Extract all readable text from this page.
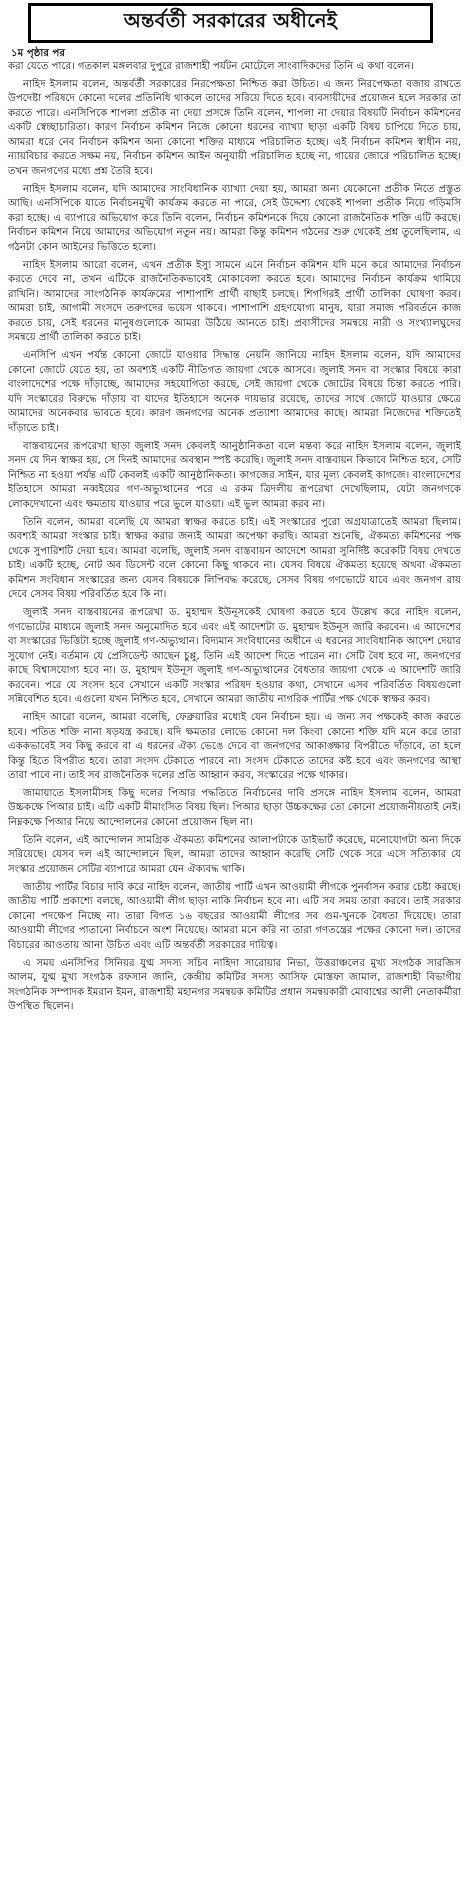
অন্তর্বর্তী সরকারের অধীনেই
১ম পৃষ্ঠার পর

করা যেতে পারে। গতকাল মঙ্গলবার দুপুরে রাজশাহী পর্যটন মোটেলে সাংবাদিকদের তিনি এ কথা বলেন।

নাহিদ ইসলাম বলেন, অন্তর্বর্তী সরকারের নিরপেক্ষতা নিশ্চিত করা উচিত। এ জন্য নিরপেক্ষতা বজায় রাখতে উপদেষ্টা পরিষদে কোনো দলের প্রতিনিধি থাকলে তাদের সরিয়ে দিতে হবে। ব্যবসায়ীদের প্রয়োজন হলে সরকার তা করতে পারে। এনসিপিকে শাপলা প্রতীক না দেয়া প্রসঙ্গে তিনি বলেন, শাপলা না দেয়ার বিষয়টি নির্বাচন কমিশনের একটি স্বেচ্ছাচারিতা। কারণ নির্বাচন কমিশন নিজে কোনো ধরনের ব্যাখ্যা ছাড়া একটি বিষয় চাপিয়ে দিতে চায়, আমরা ধরে নেব নির্বাচন কমিশন অন্য কোনো শক্তির মাধ্যমে পরিচালিত হচ্ছে। এই নির্বাচন কমিশন স্বাধীন নয়, ন্যায়বিচার করতে সক্ষম নয়, নির্বাচন কমিশন আইন অনুযায়ী পরিচালিত হচ্ছে না, গায়ের জোরে পরিচালিত হচ্ছে। তখন জনগণের মধ্যে প্রশ্ন তৈরি হবে।

নাহিদ ইসলাম বলেন, যদি আমাদের সাংবিধানিক ব্যাখ্যা দেয়া হয়, আমরা অন্য যেকোনো প্রতীক নিতে প্রস্তুত আছি। এনসিপিকে যাতে নির্বাচনমুখী কার্যক্রম করতে না পারে, সেই উদ্দেশ্য থেকেই শাপলা প্রতীক নিয়ে গড়িমসি করা হচ্ছে। এ ব্যাপারে অভিযোগ করে তিনি বলেন, নির্বাচন কমিশনকে দিয়ে কোনো রাজনৈতিক শক্তি এটি করছে। নির্বাচন কমিশন নিয়ে আমাদের অভিযোগ নতুন নয়। আমরা কিন্তু কমিশন গঠনের শুরু থেকেই প্রশ্ন তুলেছিলাম, এ গঠনটা কোন আইনের ভিত্তিতে হলো।

নাহিদ ইসলাম আরো বলেন, এখন প্রতীক ইস্যু সামনে এনে নির্বাচন কমিশন যদি মনে করে আমাদের নির্বাচন করতে দেবে না, তখন এটিকে রাজনৈতিকভাবেই মোকাবেলা করতে হবে। আমাদের নির্বাচন কার্যক্রম থামিয়ে রাখিনি। আমাদের সাংগঠনিক কার্যক্রমের পাশাপাশি প্রার্থী বাছাই চলছে। শিগগিরই প্রার্থী তালিকা ঘোষণা করব। আমরা চাই, আগামী সংসদে তরুণদের ভয়েস থাকবে। পাশাপাশি গ্রহণযোগ্য মানুষ, যারা সমাজ পরিবর্তনে কাজ করতে চায়, সেই ধরনের মানুষগুলোকে আমরা উঠিয়ে আনতে চাই। প্রবাসীদের সমন্বয়ে নারী ও সংখ্যালঘুদের সমন্বয়ে প্রার্থী তালিকা করতে চাই।

এনসিপি এখন পর্যন্ত কোনো জোটে যাওয়ার সিদ্ধান্ত নেয়নি জানিয়ে নাহিদ ইসলাম বলেন, যদি আমাদের কোনো জোটে যেতে হয়, তা অবশ্যই একটি নীতিগত জায়গা থেকে আসবে। জুলাই সনদ বা সংস্কার বিষয়ে কারা বাংলাদেশের পক্ষে দাঁড়াচ্ছে, আমাদের সহযোগিতা করছে, সেই জায়গা থেকে জোটের বিষয়ে চিন্তা করতে পারি। যদি সংস্কারের বিরুদ্ধে দাঁড়ায় বা যাদের ইতিহাসে অনেক দায়ভার রয়েছে, তাদের সাথে জোটে যাওয়ার ক্ষেত্রে আমাদের অনেকবার ভাবতে হবে। কারণ জনগণের অনেক প্রত্যাশা আমাদের কাছে। আমরা নিজেদের শক্তিতেই দাঁড়াতে চাই।

বাস্তবায়নের রূপরেখা ছাড়া জুলাই সনদ কেবলই আনুষ্ঠানিকতা বলে মন্তব্য করে নাহিদ ইসলাম বলেন, জুলাই সনদ যে দিন স্বাক্ষর হয়, সে দিনই আমাদের অবস্থান স্পষ্ট করেছি। জুলাই সনদ বাস্তবায়ন কিভাবে নিশ্চিত হবে, সেটি নিশ্চিত না হওয়া পর্যন্ত এটি কেবলই একটি আনুষ্ঠানিকতা। কাগজের সাইন, যার মূল্য কেবলই কাগজে। বাংলাদেশের ইতিহাসে আমরা নব্বইয়ের গণ-অভ্যুত্থানের পরে এ রকম ত্রিদলীয় রূপরেখা দেখেছিলাম, যেটা জনগণকে লোকদেখানো এবং ক্ষমতায় যাওয়ার পরে ভুলে যাওয়া। এই ভুল আমরা করব না।

তিনি বলেন, আমরা বলেছি যে আমরা স্বাক্ষর করতে চাই। এই সংস্কারের পুরো অগ্রযাত্রাতেই আমরা ছিলাম। অবশ্যই আমরা সংস্কার চাই। স্বাক্ষর করার জন্যই আমরা অপেক্ষা করছি। আমরা শুনেছি, ঐকমত্য কমিশনের পক্ষ থেকে সুপারিশটি দেয়া হবে। আমরা বলেছি, জুলাই সনদ বাস্তবায়ন আদেশে আমরা সুনির্দিষ্ট করেকটি বিষয় দেখতে চাই। একটি হচ্ছে, নোট অব ডিসেন্ট বলে কোনো কিছু থাকবে না। যেসব বিষয়ে ঐকমত্য হয়েছে অথবা ঐকমত্য কমিশন সংবিধান সংস্কারের জন্য যেসব বিষয়কে লিপিবদ্ধ করেছে, সেসব বিষয় গণভোটে যাবে এবং জনগণ রায় দেবে সেসব বিষয় পরিবর্তিত হবে কি না।

জুলাই সনদ বাস্তবায়নের রূপরেখা ড. মুহাম্মদ ইউনূসকেই ঘোষণা করতে হবে উল্লেখ করে নাহিদ বলেন, গণভোটের মাধ্যমে জুলাই সনদ অনুমোদিত হবে এবং এই আদেশটা ড. মুহাম্মদ ইউনূস জারি করবেন। এ আদেশের বা সংস্কারের ভিত্তিটা হচ্ছে জুলাই গণ-অভ্যুত্থান। বিদ্যমান সংবিধানের অধীনে এ ধরনের সাংবিধানিক আদেশ দেয়ার সুযোগ নেই। বর্তমান যে প্রেসিডেন্ট আছেন চুপ্পু, তিনি এই আদেশ দিতে পারেন না। সেটি বৈধ হবে না, জনগণের কাছে বিশ্বাসযোগ্য হবে না। ড. মুহাম্মদ ইউনূস জুলাই গণ-অভ্যুত্থানের বৈধতার জায়গা থেকে এ আদেশটি জারি করবেন। পরে যে সংসদ হবে সেখানে একটি সংস্কার পরিষদ হওয়ার কথা, সেখানে এসব পরিবর্তিত বিষয়গুলো সন্নিবেশিত হবে। এগুলো যখন নিশ্চিত হবে, সেখানে আমরা জাতীয় নাগরিক পার্টির পক্ষ থেকে স্বাক্ষর করব।

নাহিদ আরো বলেন, আমরা বলেছি, ফেব্রুয়ারির মধ্যেই যেন নির্বাচন হয়। এ জন্য সব পক্ষকেই কাজ করতে হবে। পতিত শক্তি নানা ষড়যন্ত্র করছে। যদি ক্ষমতার লোভে কোনো দল কিংবা কোনো শক্তি যদি মনে করে তারা এককভাবেই সব কিছু করবে বা এ ধরনের ঐক্য ভেঙে দেবে বা জনগণের আকাঙ্ক্ষার বিপরীতে দাঁড়াবে, তা হলে কিন্তু হিতে বিপরীত হবে। তারা সংসদ টেকাতে পারবে না। সংসদ টেকাতে তাদের কষ্ট হবে এবং জনগণের আস্থা তারা পাবে না। তাই সব রাজনৈতিক দলের প্রতি আহ্বান করব, সংস্কারের পক্ষে থাকার।

জামায়াতে ইসলামীসহ কিছু দলের পিআর পদ্ধতিতে নির্বাচনের দাবি প্রসঙ্গে নাহিদ ইসলাম বলেন, আমরা উচ্চকক্ষে পিআর চাই। এটি একটি মীমাংসিত বিষয় ছিল। পিআর ছাড়া উচ্চকক্ষের তো কোনো প্রয়োজনীয়তাই নেই। নিম্নকক্ষে পিআর নিয়ে আন্দোলনের কোনো প্রয়োজন ছিল না।

তিনি বলেন, এই আন্দোলন সামগ্রিক ঐকমত্য কমিশনের আলাপটাকে ডাইভার্ট করেছে, মনোযোগটা অন্য দিকে সরিয়েছে। যেসব দল এই আন্দোলনে ছিল, আমরা তাদের আহ্বান করেছি সেটি থেকে সরে এসে সত্যিকার যে সংস্কার প্রয়োজন সেটির ব্যাপারে আমরা যেন ঐক্যবদ্ধ থাকি।

জাতীয় পার্টির বিচার দাবি করে নাহিদ বলেন, জাতীয় পার্টি এখন আওয়ামী লীগকে পুনর্বাসন করার চেষ্টা করছে। জাতীয় পার্টি প্রকাশ্যে বলছে, আওয়ামী লীগ ছাড়া নাকি নির্বাচন হবে না। এটি সব সময় তারা করবে। তাই সরকার কোনো পদক্ষেপ নিচ্ছে না। তারা বিগত ১৬ বছরের আওয়ামী লীগের সব গুম-খুনকে বৈধতা দিয়েছে। তারা আওয়ামী লীগের পাতানো নির্বাচনে অংশ নিয়েছে। আমরা মনে করি না তারা গণতন্ত্রের পক্ষের কোনো দল। তাদের বিচারের আওতায় আনা উচিত এবং এটি অন্তর্বর্তী সরকারের দায়িত্ব।

এ সময় এনসিপির সিনিয়র যুগ্ম সদস্য সচিব নাহিদা সারোয়ার নিভা, উত্তরাঞ্চলের মুখ্য সংগঠক সারজিস আলম, যুগ্ম মুখ্য সংগঠক রফসান জানি, কেন্দ্রীয় কমিটির সদস্য আসিফ মোস্তফা জামাল, রাজশাহী বিভাগীয় সংগঠনিক সম্পাদক ইমরান ইমন, রাজশাহী মহানগর সমন্বয়ক কমিটির প্রধান সমন্বয়কারী মোবাশ্বের আলী নেতাকর্মীরা উপস্থিত ছিলেন।
